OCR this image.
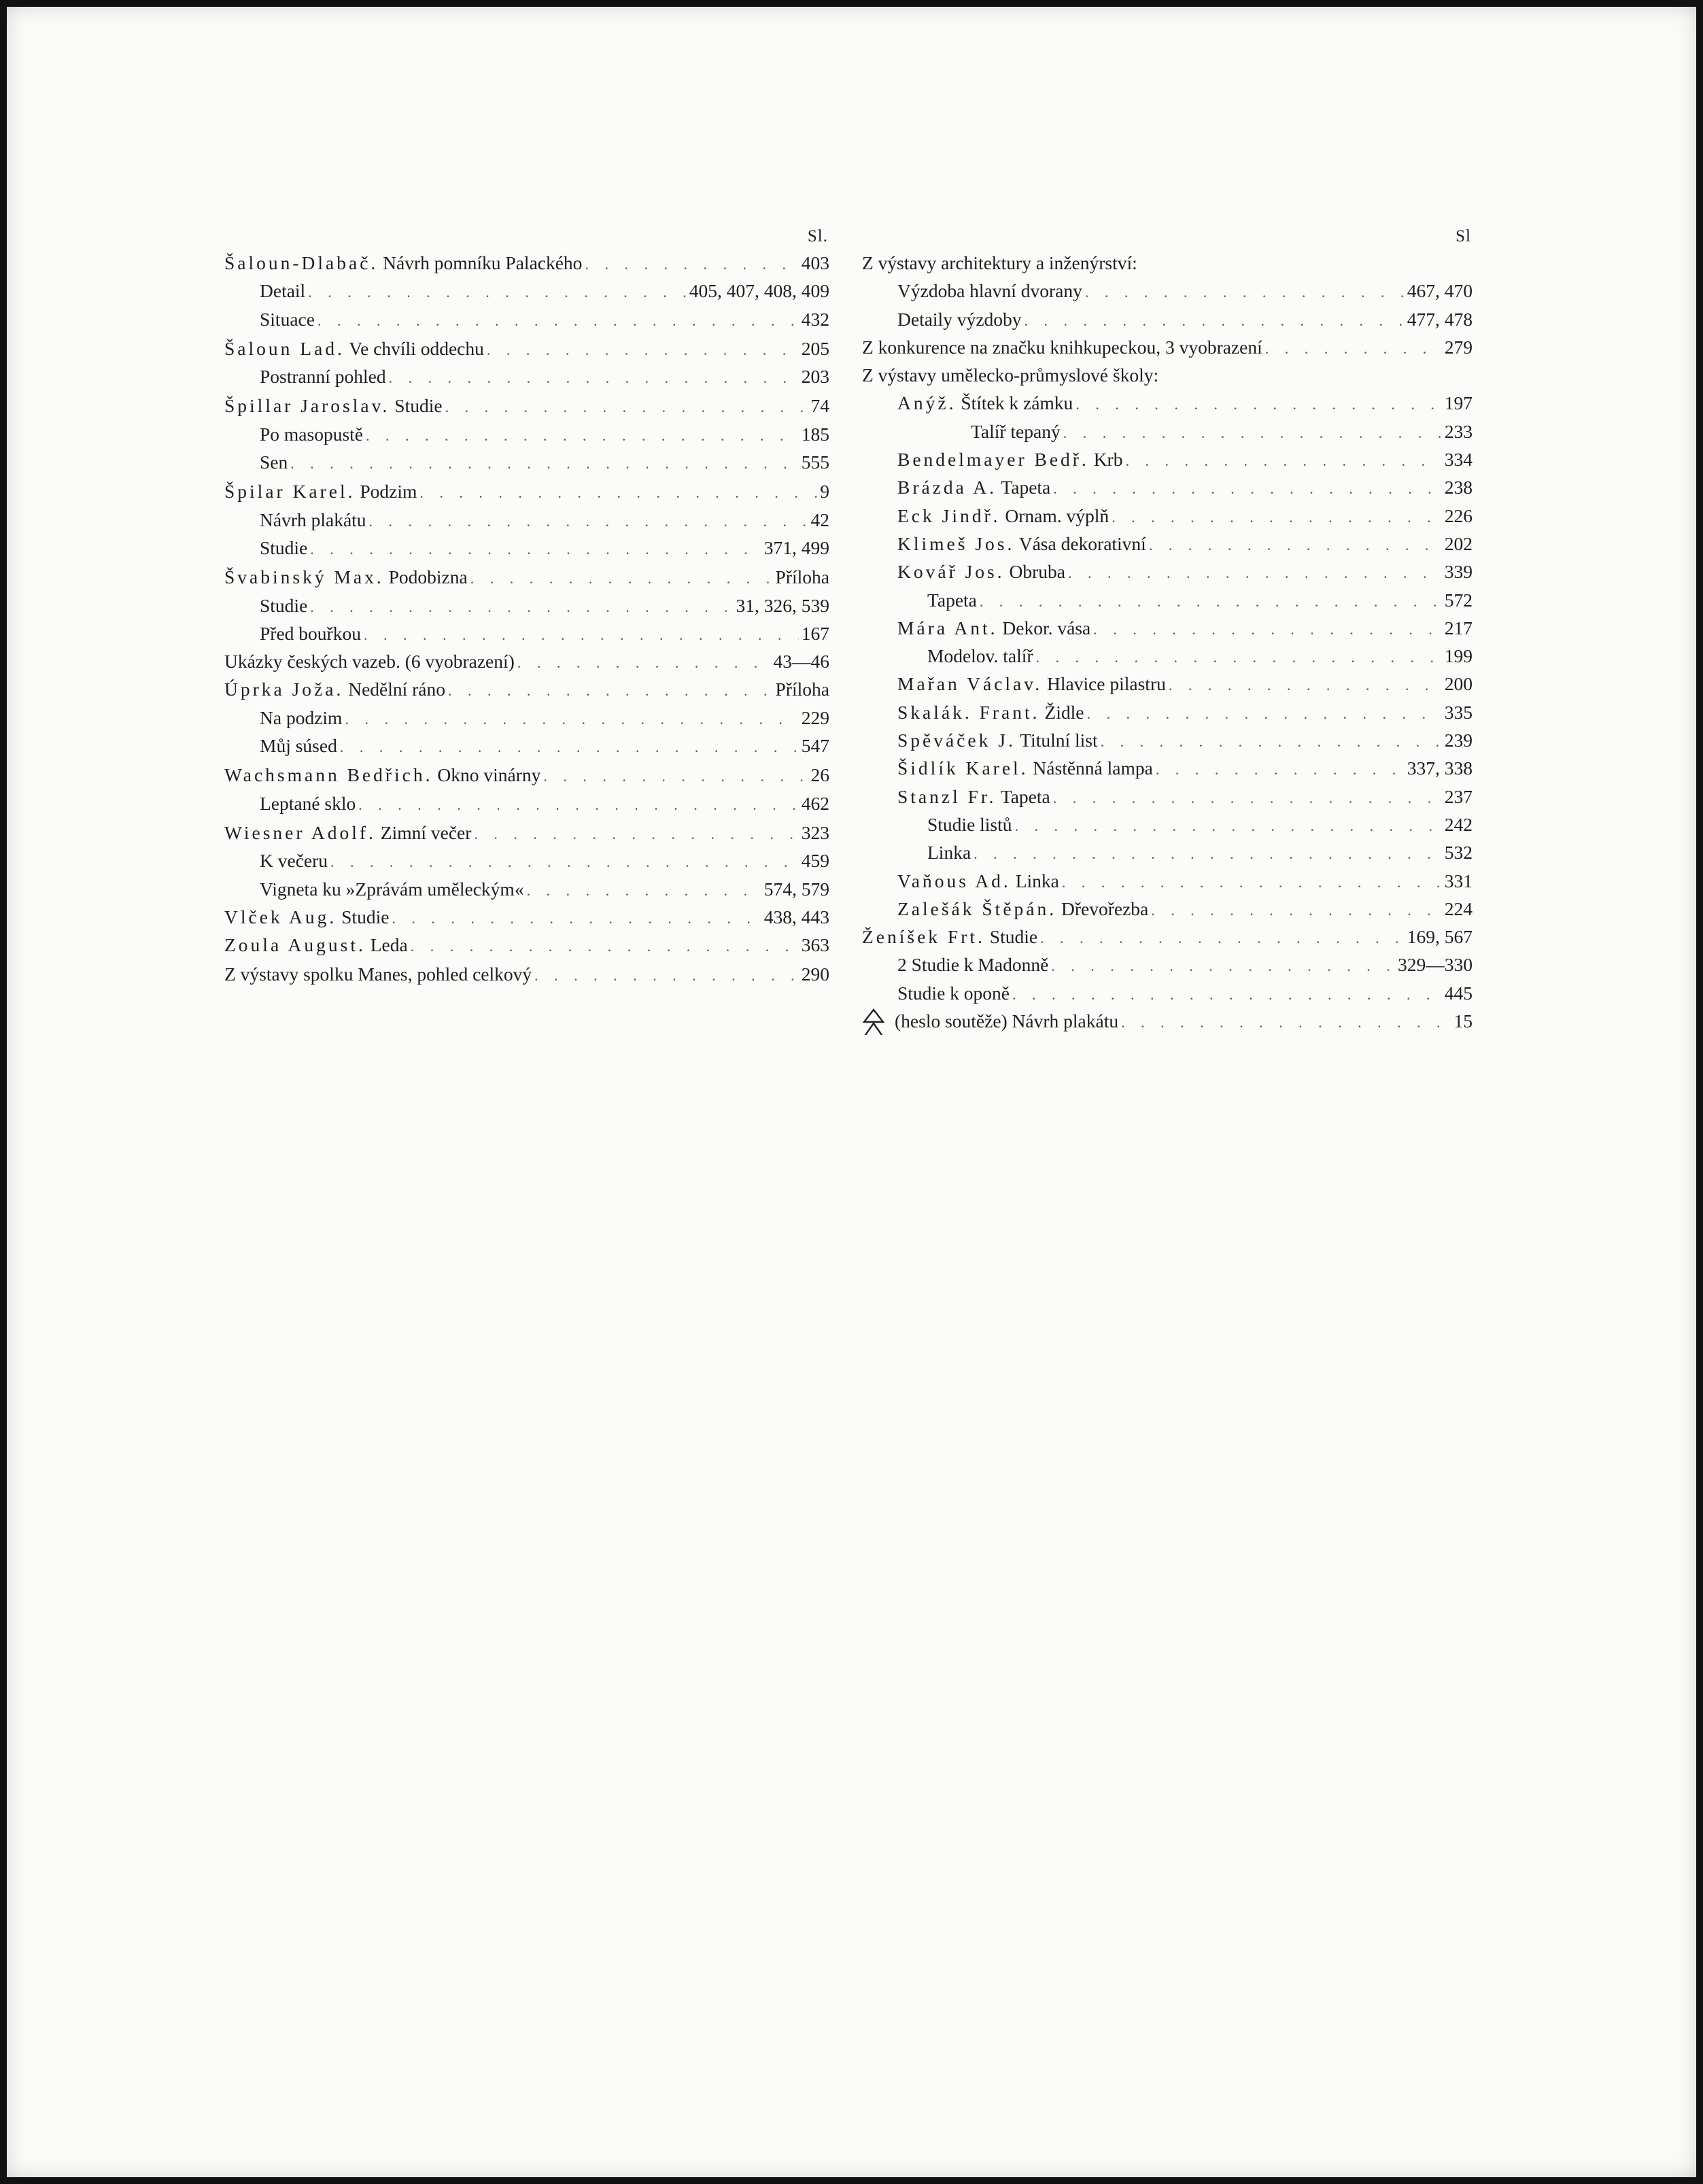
Sl.
Šaloun-Dlabač. Návrh pomníku Palackého . . .	403
Detail . . .	405, 407, 408, 409
Situace . . .	432
Šaloun Lad. Ve chvíli oddechu . . .	205
Postranní pohled . . .	203
Špillar Jaroslav. Studie . . .	74
Po masopustě . . .	185
Sen . . .	555
Špilar Karel. Podzim . . .	9
Návrh plakátu . . .	42
Studie . . .	371, 499
Švabinský Max. Podobizna . . .	Příloha
Studie . . .	31, 326, 539
Před bouřkou . . .	167
Ukázky českých vazeb. (6 vyobrazení) . . .	43—46
Úprka Joža. Nedělní ráno . . .	Příloha
Na podzim . . .	229
Můj súsed . . .	547
Wachsmann Bedřich. Okno vinárny . . .	26
Leptané sklo . . .	462
Wiesner Adolf. Zimní večer . . .	323
K večeru . . .	459
Vigneta ku »Zprávám uměleckým« . . .	574, 579
Vlček Aug. Studie . . .	438, 443
Zoula August. Leda . . .	363
Z výstavy spolku Manes, pohled celkový . . .	290
Sl
Z výstavy architektury a inženýrství:
Výzdoba hlavní dvorany . . .	467, 470
Detaily výzdoby . . .	477, 478
Z konkurence na značku knihkupeckou, 3 vyobrazení . . .	279
Z výstavy umělecko-průmyslové školy:
Anýž. Štítek k zámku . . .	197
Talíř tepaný . . .	233
Bendelmayer Bedř. Krb . . .	334
Brázda A. Tapeta . . .	238
Eck Jindř. Ornam. výplň . . .	226
Klimeš Jos. Vása dekorativní . . .	202
Kovář Jos. Obruba . . .	339
Tapeta . . .	572
Mára Ant. Dekor. vása . . .	217
Modelov. talíř . . .	199
Mařan Václav. Hlavice pilastru . . .	200
Skalák. Frant. Židle . . .	335
Spěváček J. Titulní list . . .	239
Šidlík Karel. Nástěnná lampa . . .	337, 338
Stanzl Fr. Tapeta . . .	237
Studie listů . . .	242
Linka . . .	532
Vaňous Ad. Linka . . .	331
Zalešák Štěpán. Dřevořezba . . .	224
Ženíšek Frt. Studie . . .	169, 567
2 Studie k Madonně . . .	329—330
Studie k oponě . . .	445
(heslo soutěže) Návrh plakátu . . .	15
